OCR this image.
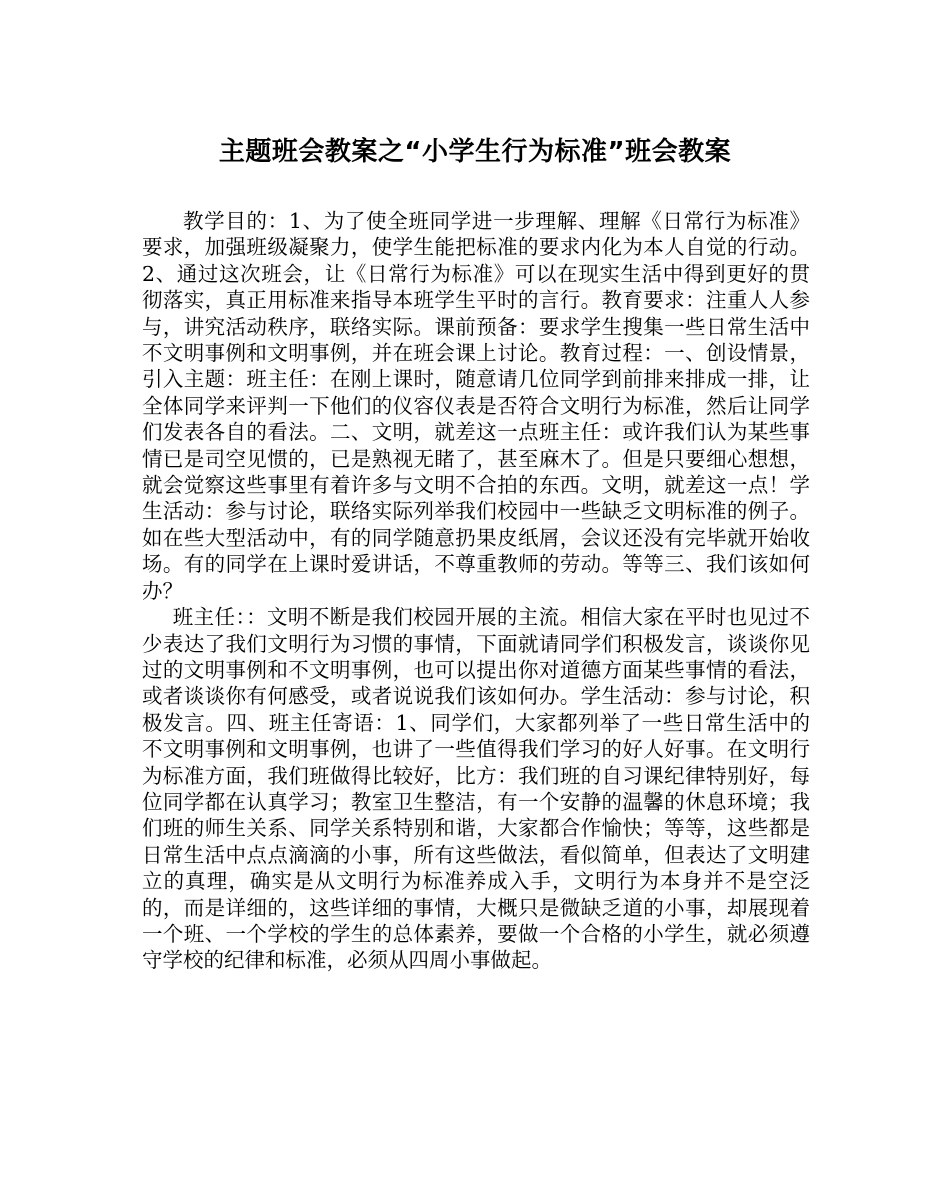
主题班会教案之“小学生行为标准”班会教案

教学目的：1、为了使全班同学进一步理解、理解《日常行为标准》要求，加强班级凝聚力，使学生能把标准的要求内化为本人自觉的行动。2、通过这次班会，让《日常行为标准》可以在现实生活中得到更好的贯彻落实，真正用标准来指导本班学生平时的言行。教育要求：注重人人参与，讲究活动秩序，联络实际。课前预备：要求学生搜集一些日常生活中不文明事例和文明事例，并在班会课上讨论。教育过程：一、创设情景，引入主题：班主任：在刚上课时，随意请几位同学到前排来排成一排，让全体同学来评判一下他们的仪容仪表是否符合文明行为标准，然后让同学们发表各自的看法。二、文明，就差这一点班主任：或许我们认为某些事情已是司空见惯的，已是熟视无睹了，甚至麻木了。但是只要细心想想，就会觉察这些事里有着许多与文明不合拍的东西。文明，就差这一点！学生活动：参与讨论，联络实际列举我们校园中一些缺乏文明标准的例子。如在些大型活动中，有的同学随意扔果皮纸屑，会议还没有完毕就开始收场。有的同学在上课时爱讲话，不尊重教师的劳动。等等三、我们该如何办？

班主任：：文明不断是我们校园开展的主流。相信大家在平时也见过不少表达了我们文明行为习惯的事情，下面就请同学们积极发言，谈谈你见过的文明事例和不文明事例，也可以提出你对道德方面某些事情的看法，或者谈谈你有何感受，或者说说我们该如何办。学生活动：参与讨论，积极发言。四、班主任寄语：1、同学们，大家都列举了一些日常生活中的不文明事例和文明事例，也讲了一些值得我们学习的好人好事。在文明行为标准方面，我们班做得比较好，比方：我们班的自习课纪律特别好，每位同学都在认真学习；教室卫生整洁，有一个安静的温馨的休息环境；我们班的师生关系、同学关系特别和谐，大家都合作愉快；等等，这些都是日常生活中点点滴滴的小事，所有这些做法，看似简单，但表达了文明建立的真理，确实是从文明行为标准养成入手，文明行为本身并不是空泛的，而是详细的，这些详细的事情，大概只是微缺乏道的小事，却展现着一个班、一个学校的学生的总体素养，要做一个合格的小学生，就必须遵守学校的纪律和标准，必须从四周小事做起。
